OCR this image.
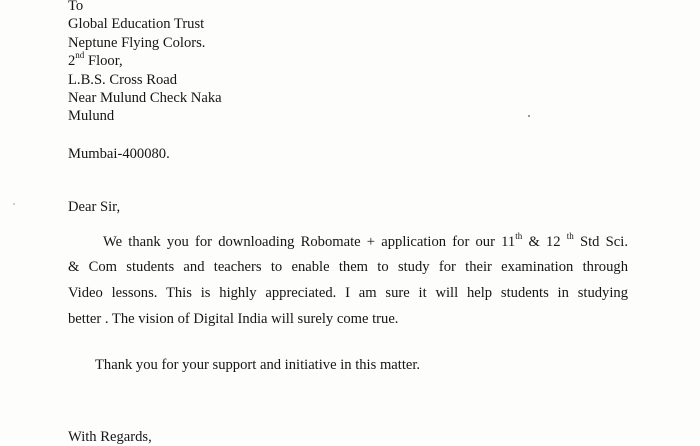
To
Global Education Trust
Neptune Flying Colors.
2nd Floor,
L.B.S. Cross Road
Near Mulund Check Naka
Mulund
Mumbai-400080.
Dear Sir,
We thank you for downloading Robomate + application for our 11th & 12 $^{th}$ Std Sci.
& Com students and teachers to enable them to study for their examination through
Video lessons. This is highly appreciated. I am sure it will help students in studying
better . The vision of Digital India will surely come true.
Thank you for your support and initiative in this matter.
With Regards,
